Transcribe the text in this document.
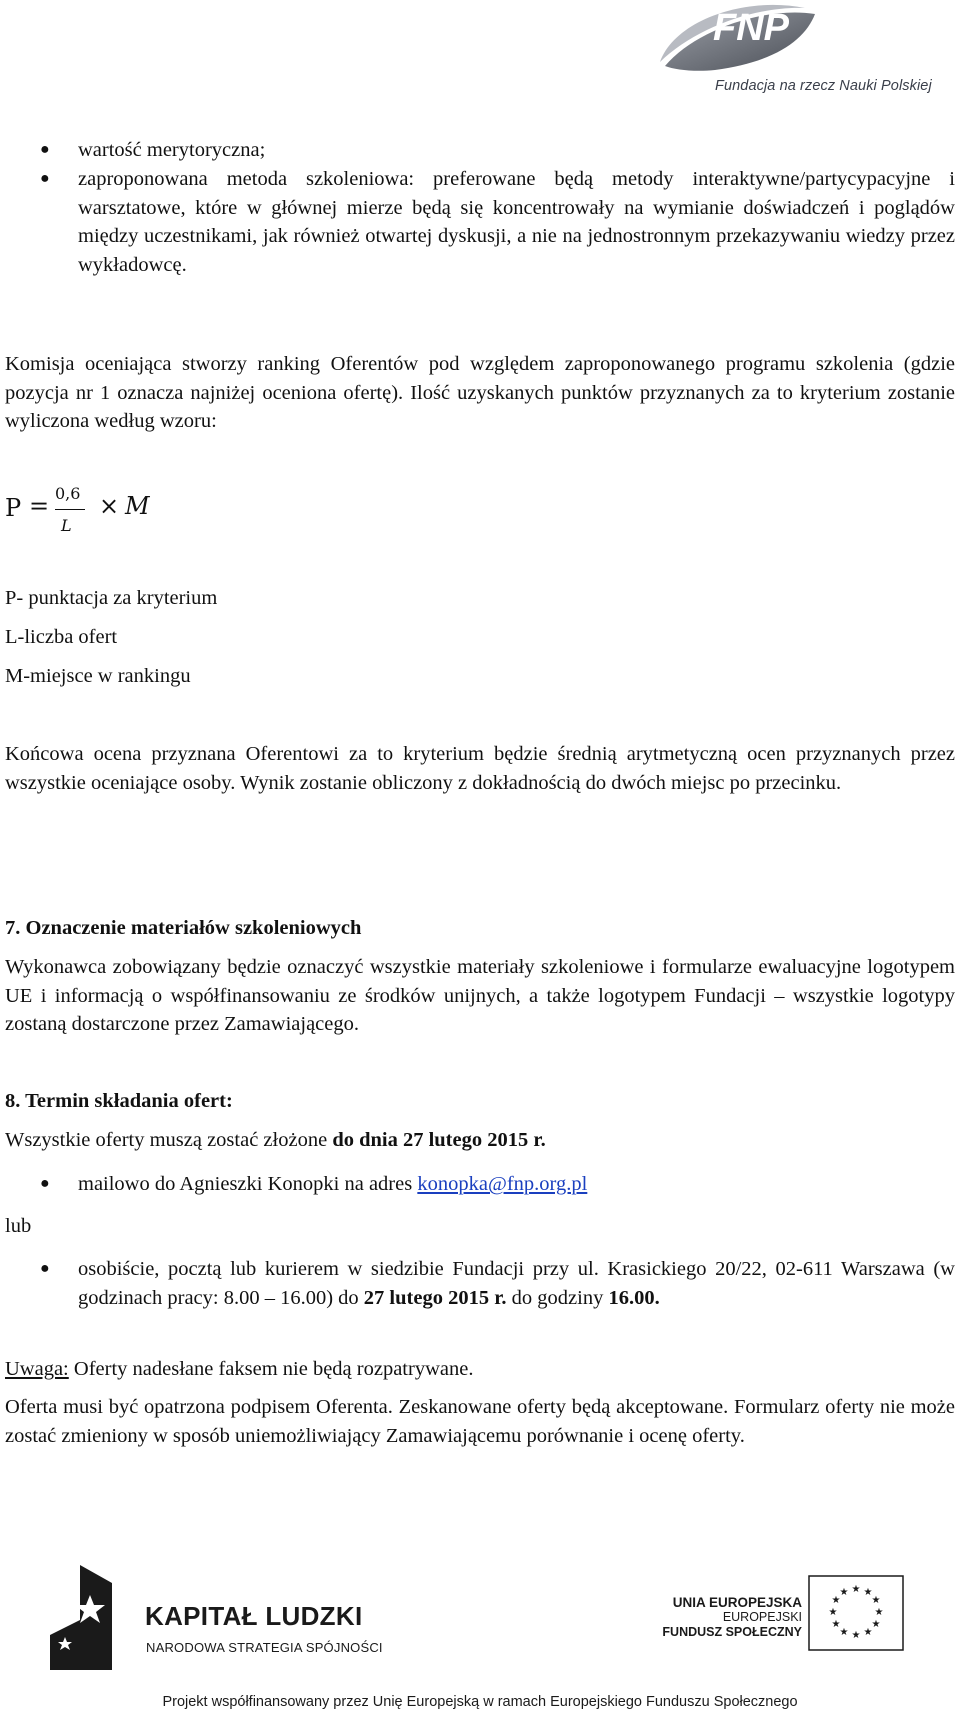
FNP
Fundacja na rzecz Nauki Polskiej
●	wartość merytoryczna;
●	zaproponowana metoda szkoleniowa: preferowane będą metody interaktywne/partycypacyjne i warsztatowe, które w głównej mierze będą się koncentrowały na wymianie doświadczeń i poglądów między uczestnikami, jak również otwartej dyskusji, a nie na jednostronnym przekazywaniu wiedzy przez wykładowcę.
Komisja oceniająca stworzy ranking Oferentów pod względem zaproponowanego programu szkolenia (gdzie pozycja nr 1 oznacza najniżej oceniona ofertę). Ilość uzyskanych punktów przyznanych za to kryterium zostanie wyliczona według wzoru:
P = 0,6
L
× M
P- punktacja za kryterium
L-liczba ofert
M-miejsce w rankingu
Końcowa ocena przyznana Oferentowi za to kryterium będzie średnią arytmetyczną ocen przyznanych przez wszystkie oceniające osoby. Wynik zostanie obliczony z dokładnością do dwóch miejsc po przecinku.
7. Oznaczenie materiałów szkoleniowych
Wykonawca zobowiązany będzie oznaczyć wszystkie materiały szkoleniowe i formularze ewaluacyjne logotypem UE i informacją o współfinansowaniu ze środków unijnych, a także logotypem Fundacji – wszystkie logotypy zostaną dostarczone przez Zamawiającego.
8. Termin składania ofert:
Wszystkie oferty muszą zostać złożone do dnia 27 lutego 2015 r.
●	mailowo do Agnieszki Konopki na adres konopka@fnp.org.pl
lub
●	osobiście, pocztą lub kurierem w siedzibie Fundacji przy ul. Krasickiego 20/22, 02-611 Warszawa (w godzinach pracy: 8.00 – 16.00) do 27 lutego 2015 r. do godziny 16.00.
Uwaga: Oferty nadesłane faksem nie będą rozpatrywane.
Oferta musi być opatrzona podpisem Oferenta. Zeskanowane oferty będą akceptowane. Formularz oferty nie może zostać zmieniony w sposób uniemożliwiający Zamawiającemu porównanie i ocenę oferty.
KAPITAŁ LUDZKI
NARODOWA STRATEGIA SPÓJNOŚCI
UNIA EUROPEJSKA
EUROPEJSKI
FUNDUSZ SPOŁECZNY
★ ★
★
★
★
★
★
★
★
★
★
★
Projekt współfinansowany przez Unię Europejską w ramach Europejskiego Funduszu Społecznego
